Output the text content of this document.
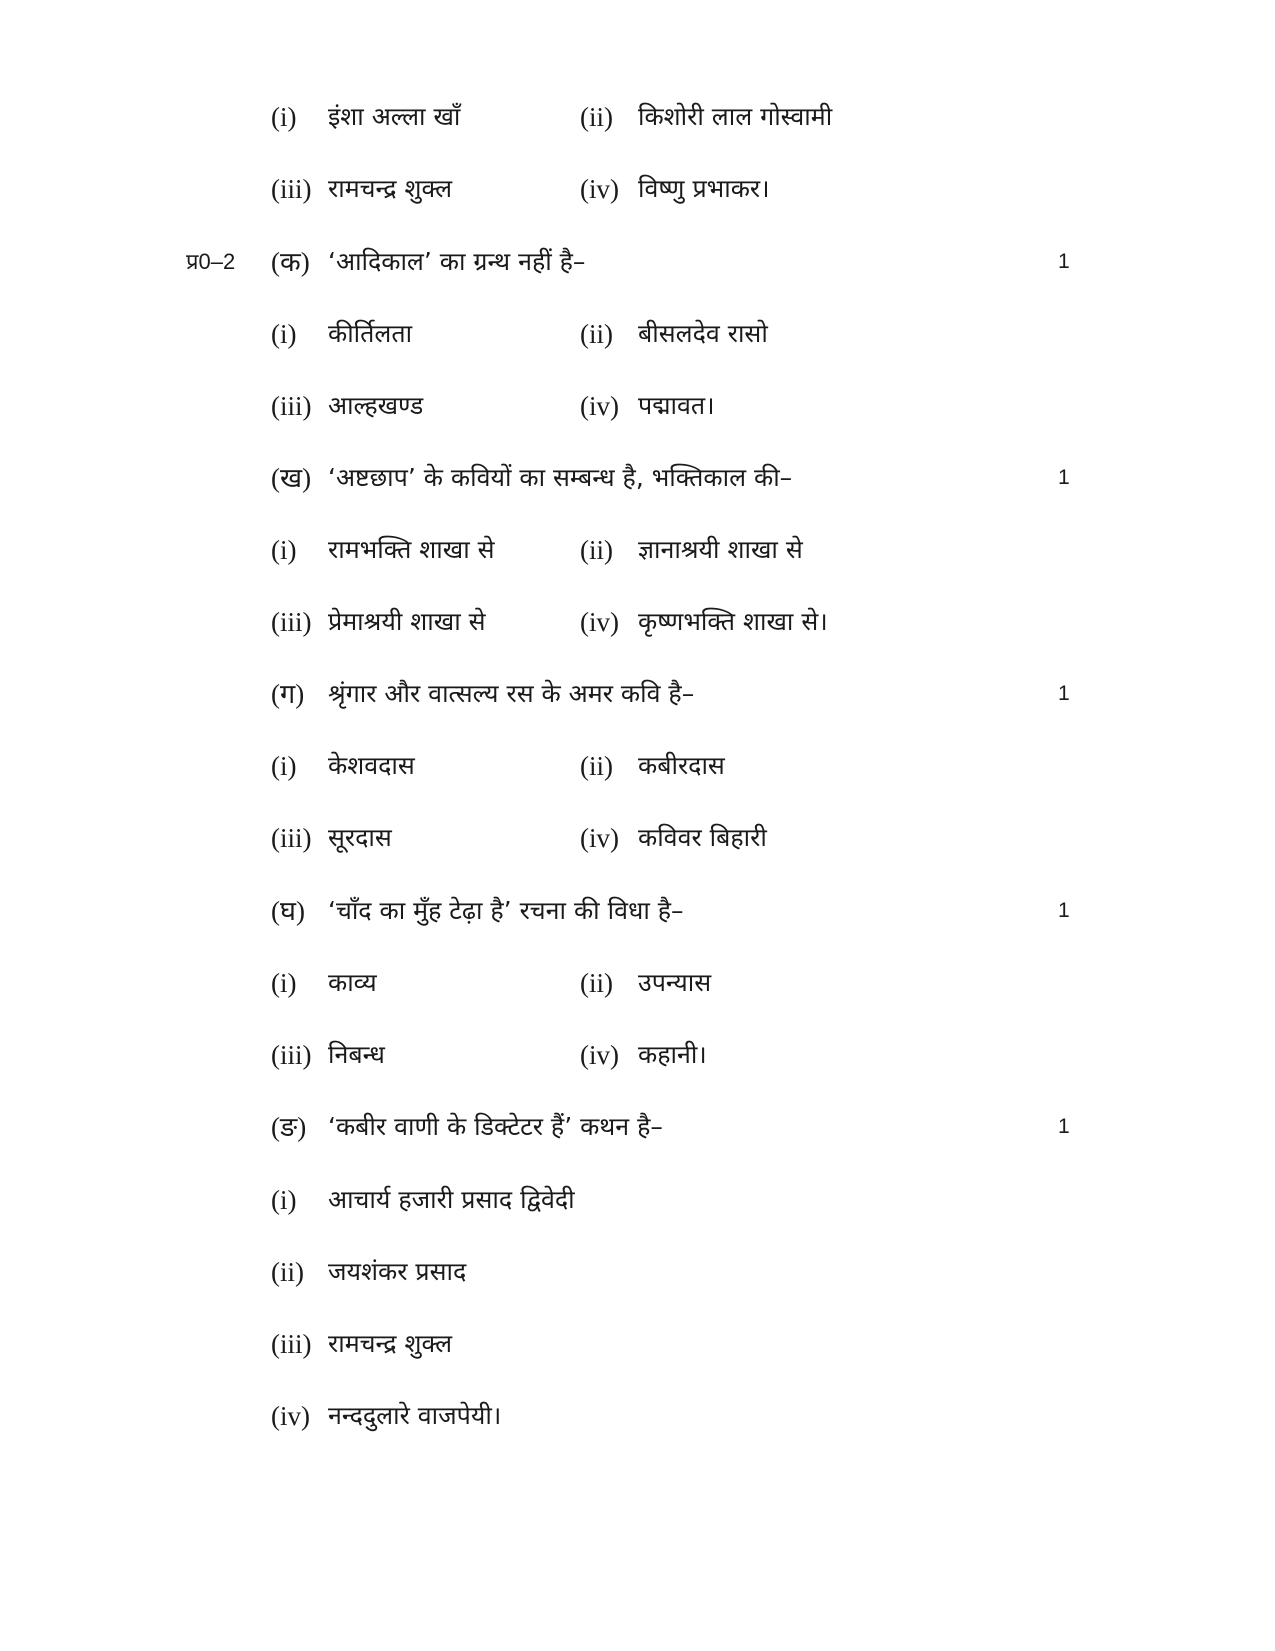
(i) इंशा अल्ला खाँ	(ii) किशोरी लाल गोस्वामी
(iii) रामचन्द्र शुक्ल	(iv) विष्णु प्रभाकर।
प्र0–2 (क) ‘आदिकाल’ का ग्रन्थ नहीं है–	1
(i) कीर्तिलता	(ii) बीसलदेव रासो
(iii) आल्हखण्ड	(iv) पद्मावत।
(ख) ‘अष्टछाप’ के कवियों का सम्बन्ध है, भक्तिकाल की–	1
(i) रामभक्ति शाखा से	(ii) ज्ञानाश्रयी शाखा से
(iii) प्रेमाश्रयी शाखा से	(iv) कृष्णभक्ति शाखा से।
(ग) श्रृंगार और वात्सल्य रस के अमर कवि है–	1
(i) केशवदास	(ii) कबीरदास
(iii) सूरदास	(iv) कविवर बिहारी
(घ) ‘चाँद का मुँह टेढ़ा है’ रचना की विधा है–	1
(i) काव्य	(ii) उपन्यास
(iii) निबन्ध	(iv) कहानी।
(ङ) ‘कबीर वाणी के डिक्टेटर हैं’ कथन है–	1
(i) आचार्य हजारी प्रसाद द्विवेदी
(ii) जयशंकर प्रसाद
(iii) रामचन्द्र शुक्ल
(iv) नन्ददुलारे वाजपेयी।
